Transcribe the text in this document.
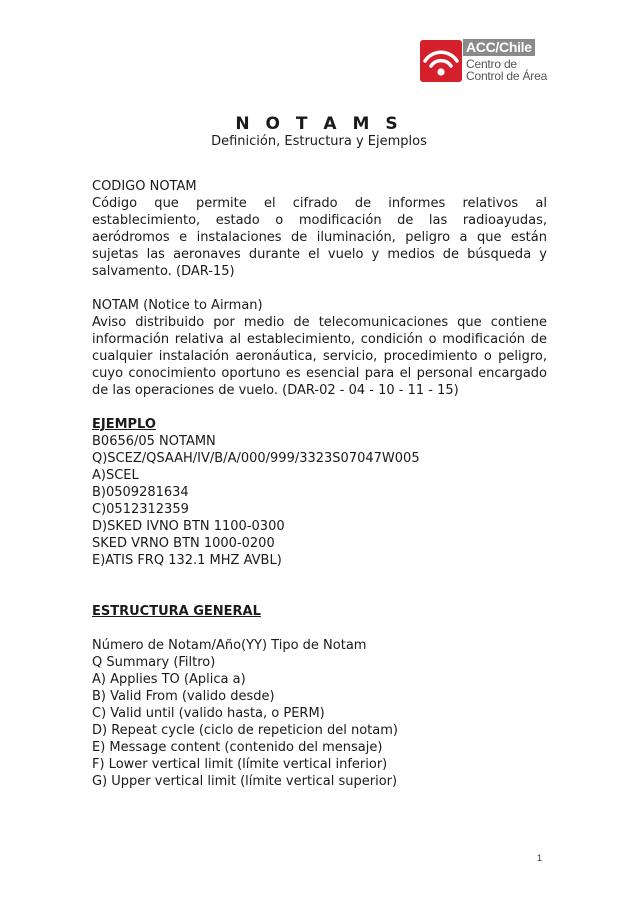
ACC/Chile
Centro de
Control de Área
N O T A M S
Definición, Estructura y Ejemplos

CODIGO NOTAM

Código que permite el cifrado de informes relativos al establecimiento, estado o modificación de las radioayudas, aeródromos e instalaciones de iluminación, peligro a que están sujetas las aeronaves durante el vuelo y medios de búsqueda y salvamento. (DAR-15)

NOTAM (Notice to Airman)

Aviso distribuido por medio de telecomunicaciones que contiene información relativa al establecimiento, condición o modificación de cualquier instalación aeronáutica, servicio, procedimiento o peligro, cuyo conocimiento oportuno es esencial para el personal encargado de las operaciones de vuelo. (DAR-02 - 04 - 10 - 11 - 15)

EJEMPLO

B0656/05 NOTAMN

Q)SCEZ/QSAAH/IV/B/A/000/999/3323S07047W005

A)SCEL

B)0509281634

C)0512312359

D)SKED IVNO BTN 1100-0300

SKED VRNO BTN 1000-0200

E)ATIS FRQ 132.1 MHZ AVBL)

ESTRUCTURA GENERAL

Número de Notam/Año(YY) Tipo de Notam

Q Summary (Filtro)

A) Applies TO (Aplica a)

B) Valid From (valido desde)

C) Valid until (valido hasta, o PERM)

D) Repeat cycle (ciclo de repeticion del notam)

E) Message content (contenido del mensaje)

F) Lower vertical limit (límite vertical inferior)

G) Upper vertical limit (límite vertical superior)

1
